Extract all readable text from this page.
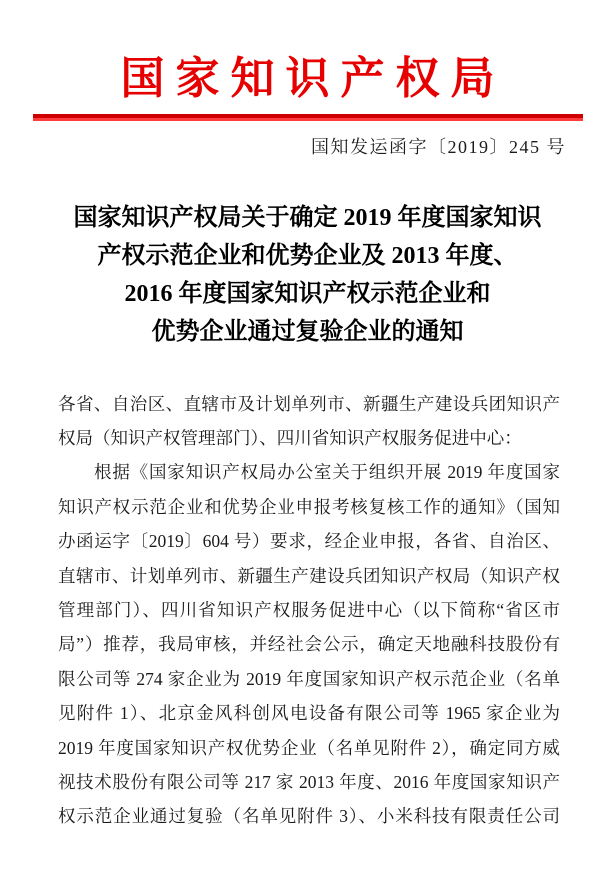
国家知识产权局
国知发运函字〔2019〕245 号
国家知识产权局关于确定 2019 年度国家知识
产权示范企业和优势企业及 2013 年度、
2016 年度国家知识产权示范企业和
优势企业通过复验企业的通知
各省、自治区、直辖市及计划单列市、新疆生产建设兵团知识产
权局（知识产权管理部门）、四川省知识产权服务促进中心：
根据《国家知识产权局办公室关于组织开展 2019 年度国家
知识产权示范企业和优势企业申报考核复核工作的通知》（国知
办函运字〔2019〕604 号）要求，经企业申报，各省、自治区、
直辖市、计划单列市、新疆生产建设兵团知识产权局（知识产权
管理部门）、四川省知识产权服务促进中心（以下简称“省区市
局”）推荐，我局审核，并经社会公示，确定天地融科技股份有
限公司等 274 家企业为 2019 年度国家知识产权示范企业（名单
见附件 1）、北京金风科创风电设备有限公司等 1965 家企业为
2019 年度国家知识产权优势企业（名单见附件 2），确定同方威
视技术股份有限公司等 217 家 2013 年度、2016 年度国家知识产
权示范企业通过复验（名单见附件 3）、小米科技有限责任公司
